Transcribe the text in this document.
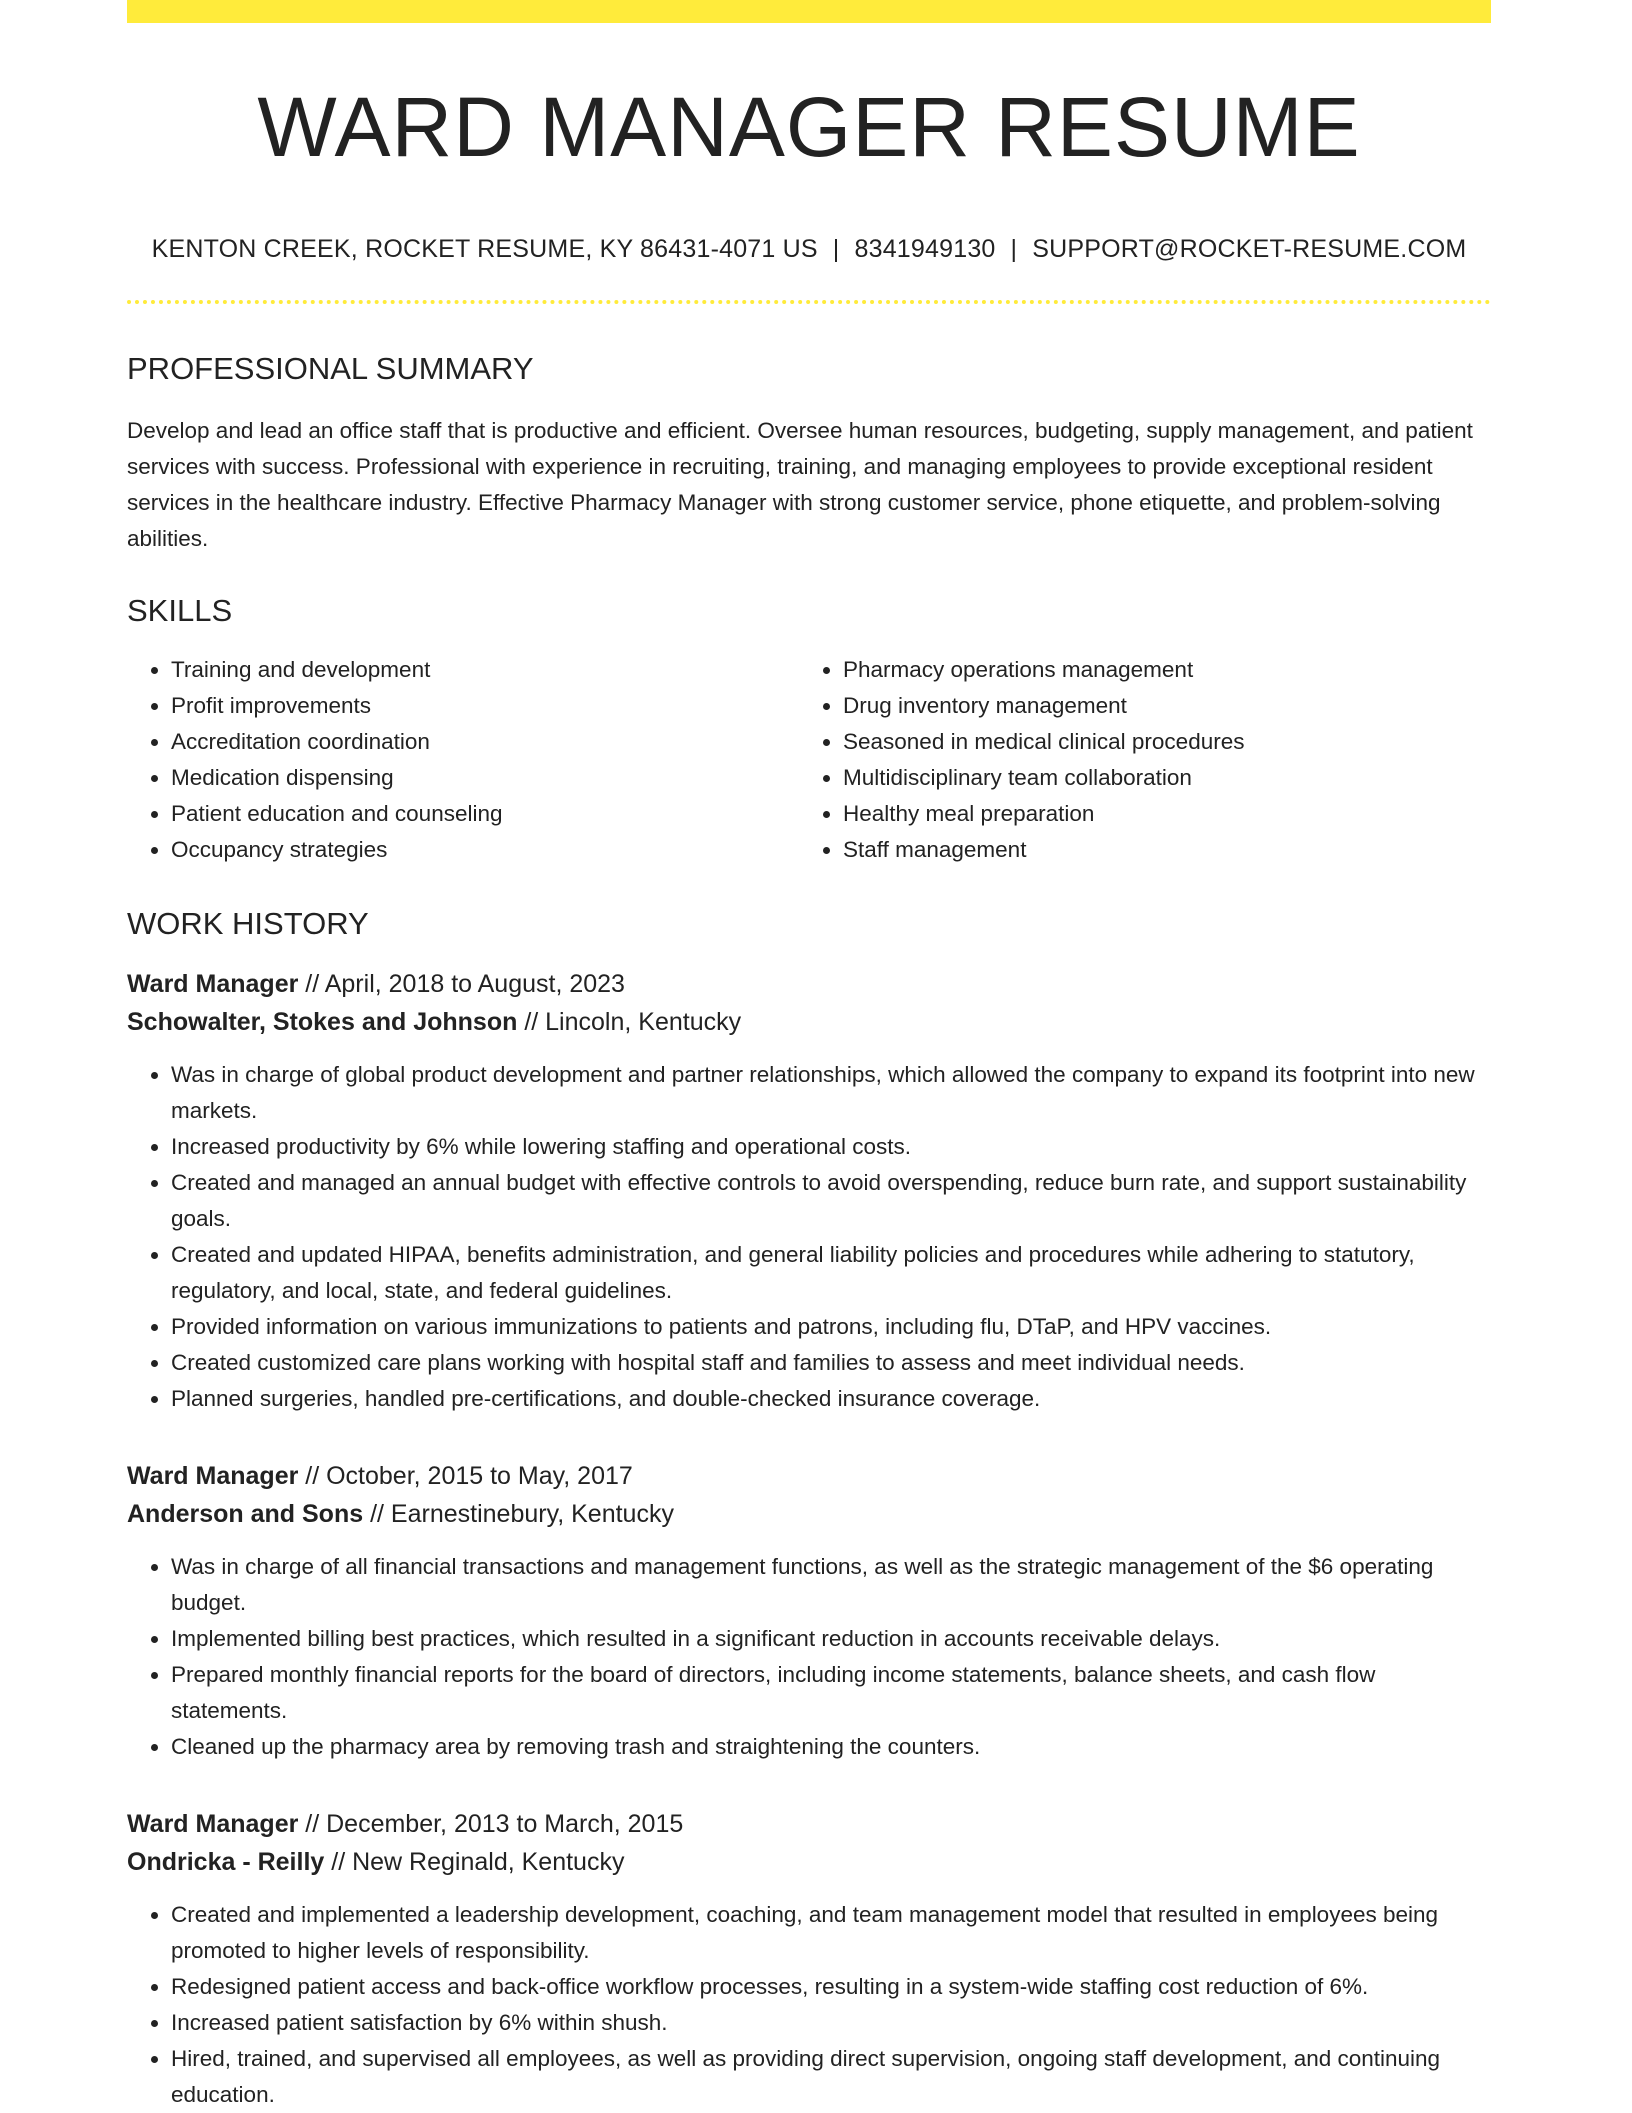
WARD MANAGER RESUME
KENTON CREEK, ROCKET RESUME, KY 86431-4071 US | 8341949130 | SUPPORT@ROCKET-RESUME.COM
PROFESSIONAL SUMMARY
Develop and lead an office staff that is productive and efficient. Oversee human resources, budgeting, supply management, and patient services with success. Professional with experience in recruiting, training, and managing employees to provide exceptional resident services in the healthcare industry. Effective Pharmacy Manager with strong customer service, phone etiquette, and problem-solving abilities.
SKILLS
• Training and development
• Profit improvements
• Accreditation coordination
• Medication dispensing
• Patient education and counseling
• Occupancy strategies
• Pharmacy operations management
• Drug inventory management
• Seasoned in medical clinical procedures
• Multidisciplinary team collaboration
• Healthy meal preparation
• Staff management
WORK HISTORY
Ward Manager // April, 2018 to August, 2023
Schowalter, Stokes and Johnson // Lincoln, Kentucky
• Was in charge of global product development and partner relationships, which allowed the company to expand its footprint into new markets.
• Increased productivity by 6% while lowering staffing and operational costs.
• Created and managed an annual budget with effective controls to avoid overspending, reduce burn rate, and support sustainability goals.
• Created and updated HIPAA, benefits administration, and general liability policies and procedures while adhering to statutory, regulatory, and local, state, and federal guidelines.
• Provided information on various immunizations to patients and patrons, including flu, DTaP, and HPV vaccines.
• Created customized care plans working with hospital staff and families to assess and meet individual needs.
• Planned surgeries, handled pre-certifications, and double-checked insurance coverage.
Ward Manager // October, 2015 to May, 2017
Anderson and Sons // Earnestinebury, Kentucky
• Was in charge of all financial transactions and management functions, as well as the strategic management of the $6 operating budget.
• Implemented billing best practices, which resulted in a significant reduction in accounts receivable delays.
• Prepared monthly financial reports for the board of directors, including income statements, balance sheets, and cash flow statements.
• Cleaned up the pharmacy area by removing trash and straightening the counters.
Ward Manager // December, 2013 to March, 2015
Ondricka - Reilly // New Reginald, Kentucky
• Created and implemented a leadership development, coaching, and team management model that resulted in employees being promoted to higher levels of responsibility.
• Redesigned patient access and back-office workflow processes, resulting in a system-wide staffing cost reduction of 6%.
• Increased patient satisfaction by 6% within shush.
• Hired, trained, and supervised all employees, as well as providing direct supervision, ongoing staff development, and continuing education.
